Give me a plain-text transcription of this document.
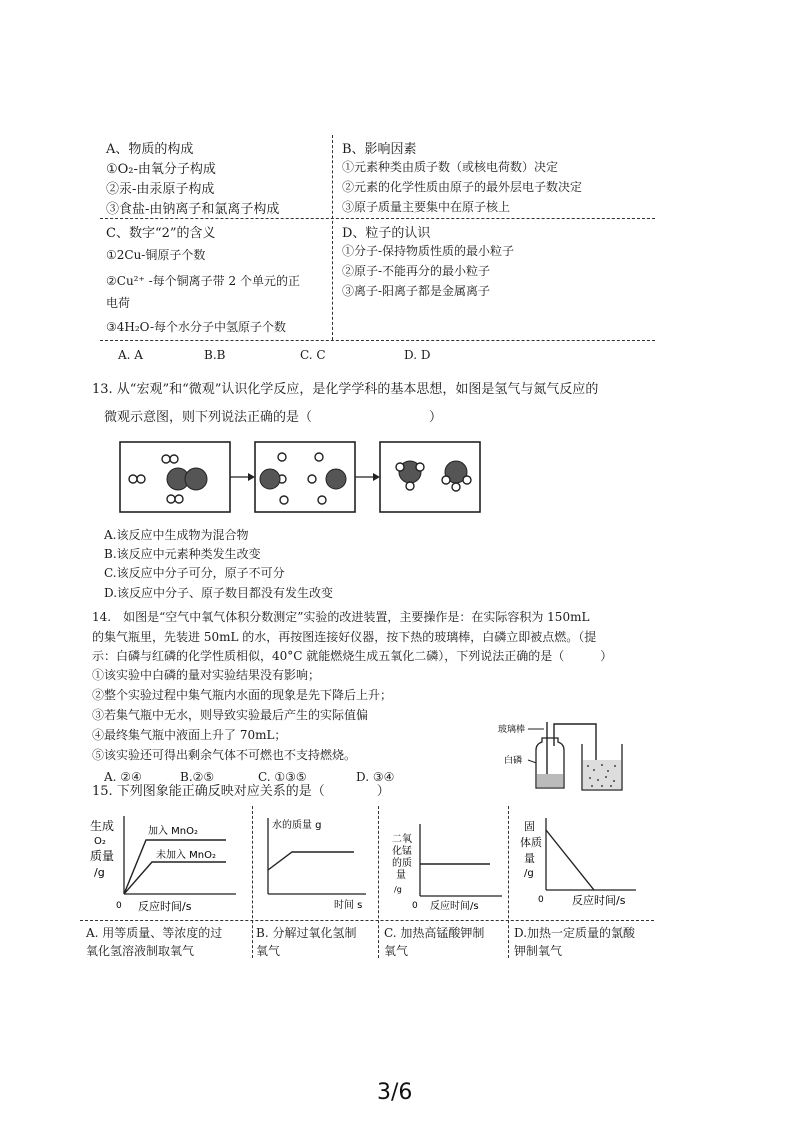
A、物质的构成
①O₂-由氧分子构成
②汞-由汞原子构成
③食盐-由钠离子和氯离子构成
B、影响因素
①元素种类由质子数（或核电荷数）决定
②元素的化学性质由原子的最外层电子数决定
③原子质量主要集中在原子核上
C、数字“2”的含义
①2Cu-铜原子个数
②Cu²⁺ -每个铜离子带 2 个单元的正
电荷
③4H₂O-每个水分子中氢原子个数
D、粒子的认识
①分子-保持物质性质的最小粒子
②原子-不能再分的最小粒子
③离子-阳离子都是金属离子
A. A	B.B	C. C	D. D
13. 从“宏观”和“微观”认识化学反应，是化学学科的基本思想，如图是氢气与氮气反应的
微观示意图，则下列说法正确的是（　　　　　　　　　）
A.该反应中生成物为混合物
B.该反应中元素种类发生改变
C.该反应中分子可分，原子不可分
D.该反应中分子、原子数目都没有发生改变
14.　如图是“空气中氧气体积分数测定”实验的改进装置，主要操作是：在实际容积为 150mL
的集气瓶里，先装进 50mL 的水，再按图连接好仪器，按下热的玻璃棒，白磷立即被点燃。（提
示：白磷与红磷的化学性质相似，40°C 就能燃烧生成五氧化二磷），下列说法正确的是（　　　）
①该实验中白磷的量对实验结果没有影响；
②整个实验过程中集气瓶内水面的现象是先下降后上升；
③若集气瓶中无水，则导致实验最后产生的实际值偏
④最终集气瓶中液面上升了 70mL；
⑤该实验还可得出剩余气体不可燃也不支持燃烧。
A. ②④	B.②⑤	C. ①③⑤	D. ③④
玻璃棒
白磷
15. 下列图象能正确反映对应关系的是（　　　　）
生成
O₂
质量
/g
0 反应时间/s
加入 MnO₂
未加入 MnO₂
水的质量 g
时间 s
二氧
化锰
的质
量
/g
0 反应时间/s
固
体质
量
/g
0	反应时间/s
A. 用等质量、等浓度的过
氧化氢溶液制取氧气
B. 分解过氧化氢制
氧气
C. 加热高锰酸钾制
氧气
D.加热一定质量的氯酸
钾制氧气
3/6
